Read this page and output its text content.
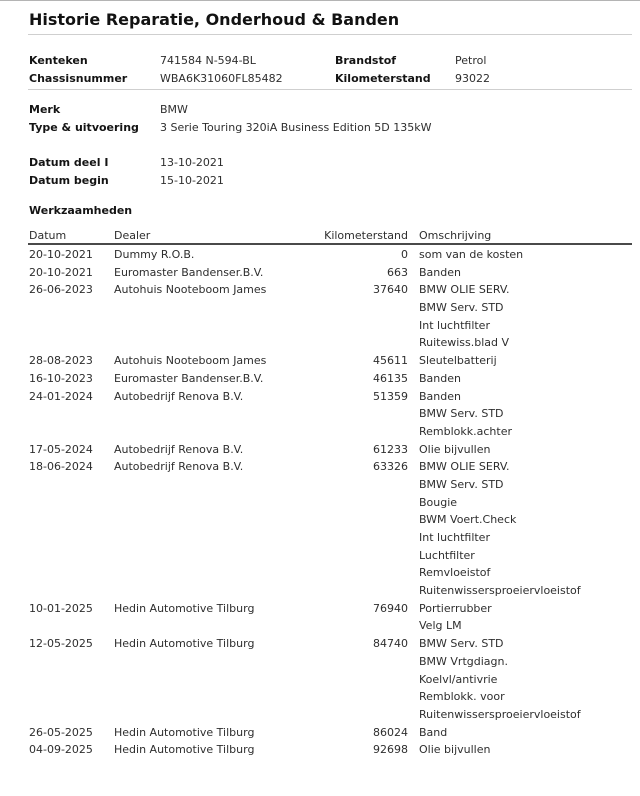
Historie Reparatie, Onderhoud & Banden
Kenteken	741584 N-594-BL	Brandstof	Petrol
Chassisnummer	WBA6K31060FL85482	Kilometerstand 93022
Merk	BMW
Type & uitvoering 3 Serie Touring 320iA Business Edition 5D 135kW
Datum deel I	13-10-2021
Datum begin	15-10-2021
Werkzaamheden
Datum	Dealer	Kilometerstand Omschrijving
20-10-2021	Dummy R.O.B.	0 som van de kosten
20-10-2021	Euromaster Bandenser.B.V.	663 Banden
26-06-2023	Autohuis Nooteboom James	37640 BMW OLIE SERV.
BMW Serv. STD
Int luchtfilter
Ruitewiss.blad V
28-08-2023	Autohuis Nooteboom James	45611 Sleutelbatterij
16-10-2023	Euromaster Bandenser.B.V.	46135 Banden
24-01-2024	Autobedrijf Renova B.V.	51359 Banden
BMW Serv. STD
Remblokk.achter
17-05-2024	Autobedrijf Renova B.V.	61233 Olie bijvullen
18-06-2024	Autobedrijf Renova B.V.	63326 BMW OLIE SERV.
BMW Serv. STD
Bougie
BWM Voert.Check
Int luchtfilter
Luchtfilter
Remvloeistof
Ruitenwissersproeiervloeistof
10-01-2025	Hedin Automotive Tilburg	76940 Portierrubber
Velg LM
12-05-2025	Hedin Automotive Tilburg	84740 BMW Serv. STD
BMW Vrtgdiagn.
Koelvl/antivrie
Remblokk. voor
Ruitenwissersproeiervloeistof
26-05-2025	Hedin Automotive Tilburg	86024 Band
04-09-2025	Hedin Automotive Tilburg	92698 Olie bijvullen
